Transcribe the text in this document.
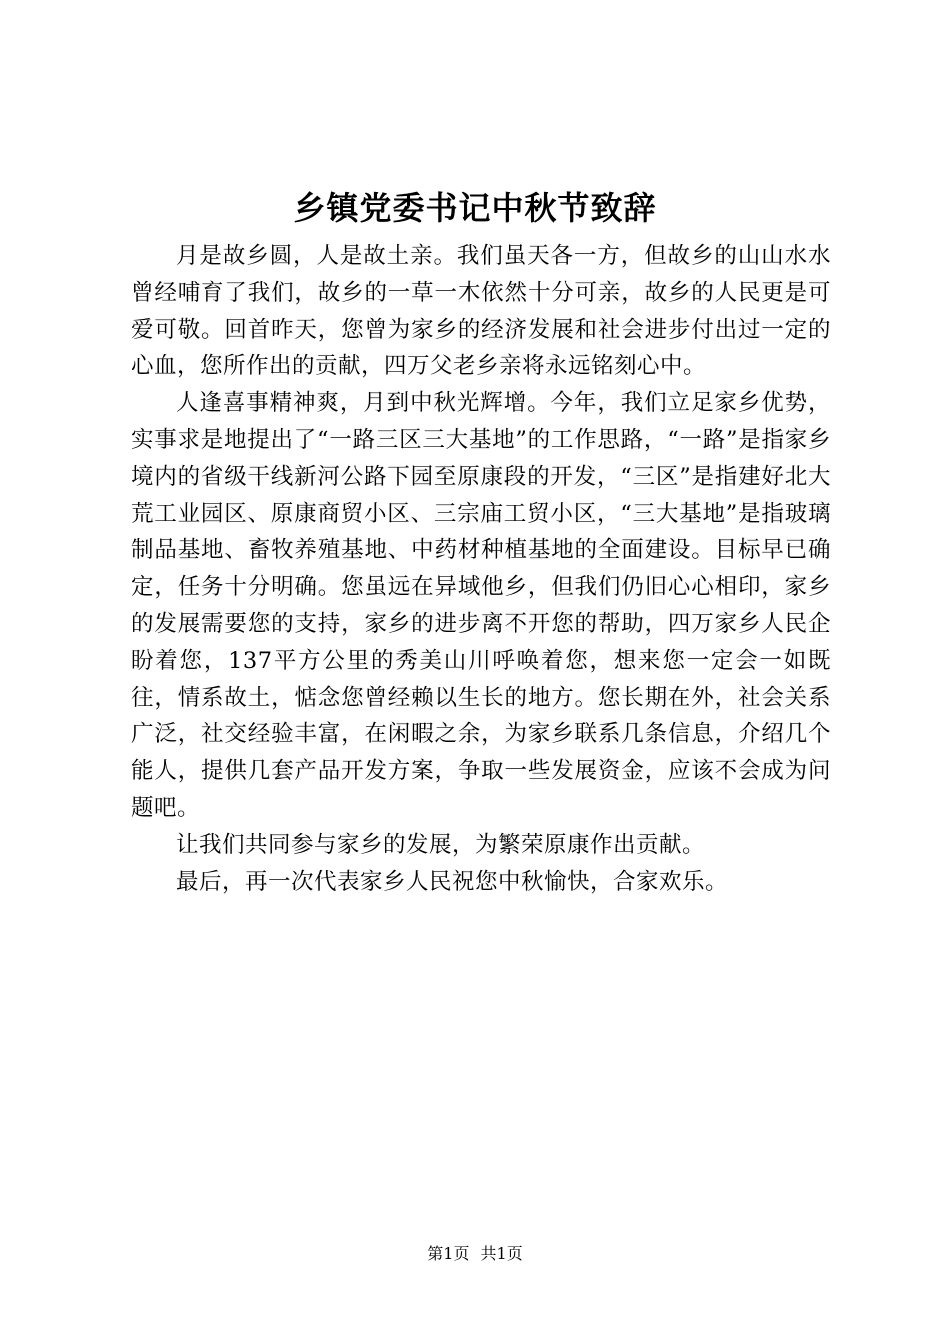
乡镇党委书记中秋节致辞

月是故乡圆，人是故土亲。我们虽天各一方，但故乡的山山水水曾经哺育了我们，故乡的一草一木依然十分可亲，故乡的人民更是可爱可敬。回首昨天，您曾为家乡的经济发展和社会进步付出过一定的心血，您所作出的贡献，四万父老乡亲将永远铭刻心中。

人逢喜事精神爽，月到中秋光辉增。今年，我们立足家乡优势，实事求是地提出了“一路三区三大基地”的工作思路，“一路”是指家乡境内的省级干线新河公路下园至原康段的开发，“三区”是指建好北大荒工业园区、原康商贸小区、三宗庙工贸小区，“三大基地”是指玻璃制品基地、畜牧养殖基地、中药材种植基地的全面建设。目标早已确定，任务十分明确。您虽远在异域他乡，但我们仍旧心心相印，家乡的发展需要您的支持，家乡的进步离不开您的帮助，四万家乡人民企盼着您，137平方公里的秀美山川呼唤着您，想来您一定会一如既往，情系故土，惦念您曾经赖以生长的地方。您长期在外，社会关系广泛，社交经验丰富，在闲暇之余，为家乡联系几条信息，介绍几个能人，提供几套产品开发方案，争取一些发展资金，应该不会成为问题吧。

让我们共同参与家乡的发展，为繁荣原康作出贡献。

最后，再一次代表家乡人民祝您中秋愉快，合家欢乐。

第1页 共1页
